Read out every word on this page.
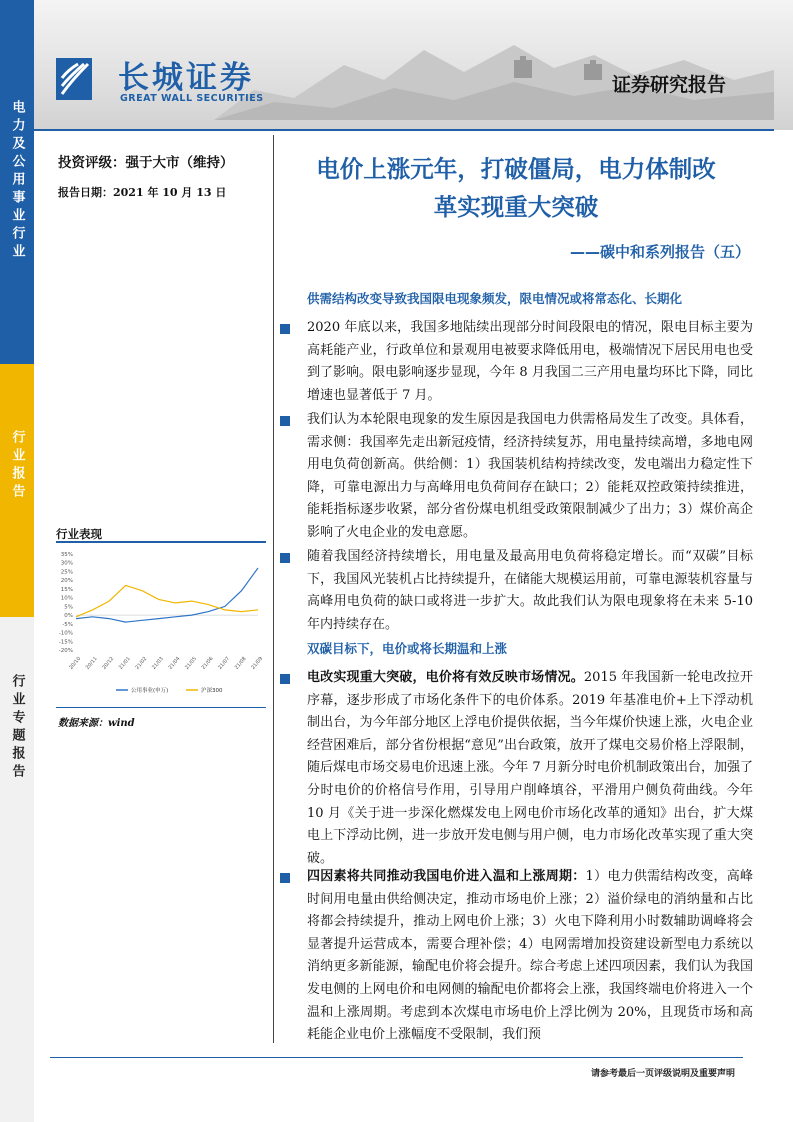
电力及公用事业行业
行业报告
行业专题报告
长城证券
GREAT WALL SECURITIES
证券研究报告
投资评级：强于大市（维持）
报告日期：2021 年 10 月 13 日
电价上涨元年，打破僵局，电力体制改
革实现重大突破
——碳中和系列报告（五）
供需结构改变导致我国限电现象频发，限电情况或将常态化、长期化
2020 年底以来，我国多地陆续出现部分时间段限电的情况，限电目标主要为高耗能产业，行政单位和景观用电被要求降低用电，极端情况下居民用电也受到了影响。限电影响逐步显现，今年 8 月我国二三产用电量均环比下降，同比增速也显著低于 7 月。
我们认为本轮限电现象的发生原因是我国电力供需格局发生了改变。具体看，需求侧：我国率先走出新冠疫情，经济持续复苏，用电量持续高增，多地电网用电负荷创新高。供给侧：1）我国装机结构持续改变，发电端出力稳定性下降，可靠电源出力与高峰用电负荷间存在缺口；2）能耗双控政策持续推进，能耗指标逐步收紧，部分省份煤电机组受政策限制减少了出力；3）煤价高企影响了火电企业的发电意愿。
随着我国经济持续增长，用电量及最高用电负荷将稳定增长。而“双碳”目标下，我国风光装机占比持续提升，在储能大规模运用前，可靠电源装机容量与高峰用电负荷的缺口或将进一步扩大。故此我们认为限电现象将在未来 5-10 年内持续存在。
双碳目标下，电价或将长期温和上涨
电改实现重大突破，电价将有效反映市场情况。2015 年我国新一轮电改拉开序幕，逐步形成了市场化条件下的电价体系。2019 年基准电价+上下浮动机制出台，为今年部分地区上浮电价提供依据，当今年煤价快速上涨，火电企业经营困难后，部分省份根据“意见”出台政策，放开了煤电交易价格上浮限制，随后煤电市场交易电价迅速上涨。今年 7 月新分时电价机制政策出台，加强了分时电价的价格信号作用，引导用户削峰填谷，平滑用户侧负荷曲线。今年 10 月《关于进一步深化燃煤发电上网电价市场化改革的通知》出台，扩大煤电上下浮动比例，进一步放开发电侧与用户侧，电力市场化改革实现了重大突破。
四因素将共同推动我国电价进入温和上涨周期：1）电力供需结构改变，高峰时间用电量由供给侧决定，推动市场电价上涨；2）溢价绿电的消纳量和占比将都会持续提升，推动上网电价上涨；3）火电下降利用小时数辅助调峰将会显著提升运营成本，需要合理补偿；4）电网需增加投资建设新型电力系统以消纳更多新能源，输配电价将会提升。综合考虑上述四项因素，我们认为我国发电侧的上网电价和电网侧的输配电价都将会上涨，我国终端电价将进入一个温和上涨周期。考虑到本次煤电市场电价上浮比例为 20%，且现货市场和高耗能企业电价上涨幅度不受限制，我们预
行业表现
35%
30%
25%
20%
15%
10%
5%
0%
-5%
-10%
-15%
-20%
20/10 20/11 20/12 21/01 21/02 21/03 21/04 21/05 21/06 21/07 21/08 21/09
公用事业(申万)	沪深300
数据来源：wind
请参考最后一页评级说明及重要声明
